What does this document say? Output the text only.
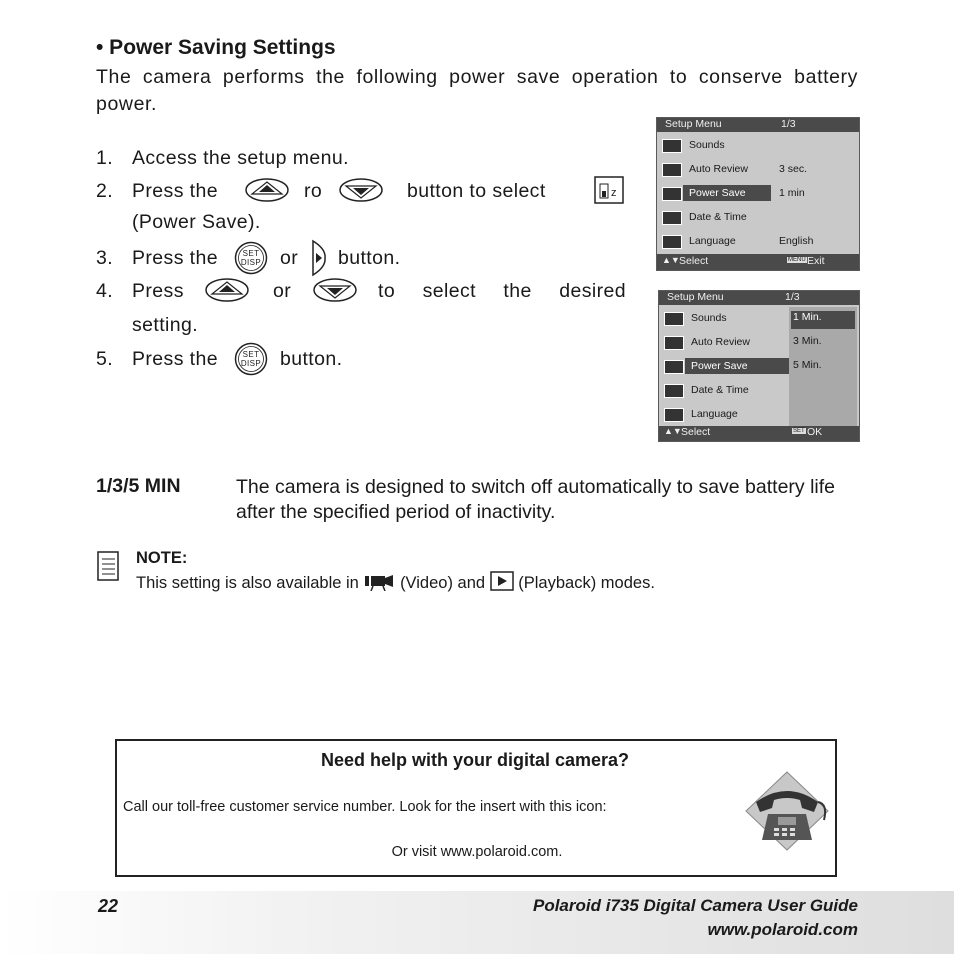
• Power Saving Settings

The camera performs the following power save operation to conserve battery power.

1. Access the setup menu.
2. Press the	ro	button to select	z
(Power Save).
3. Press the	SET
DISP or button.
4. Press	or	to select the desired
setting.
5. Press the	SET
DISP button.
Setup Menu	1/3
Sounds
Auto Review	3 sec.
Power Save	1 min
Date & Time
Language	English
▲▼ Select	MENU Exit
Setup Menu	1/3
1 Min.
3 Min.
5 Min.
Sounds
Auto Review
Power Save
Date & Time
Language
▲▼ Select	SET OK
1/3/5 MIN	The camera is designed to switch off automatically to save battery life after the specified period of inactivity.

NOTE:
This setting is also available in (Video) and (Playback) modes.
Need help with your digital camera?
Call our toll-free customer service number. Look for the insert with this icon:
Or visit www.polaroid.com.
22	Polaroid i735 Digital Camera User Guide
www.polaroid.com
